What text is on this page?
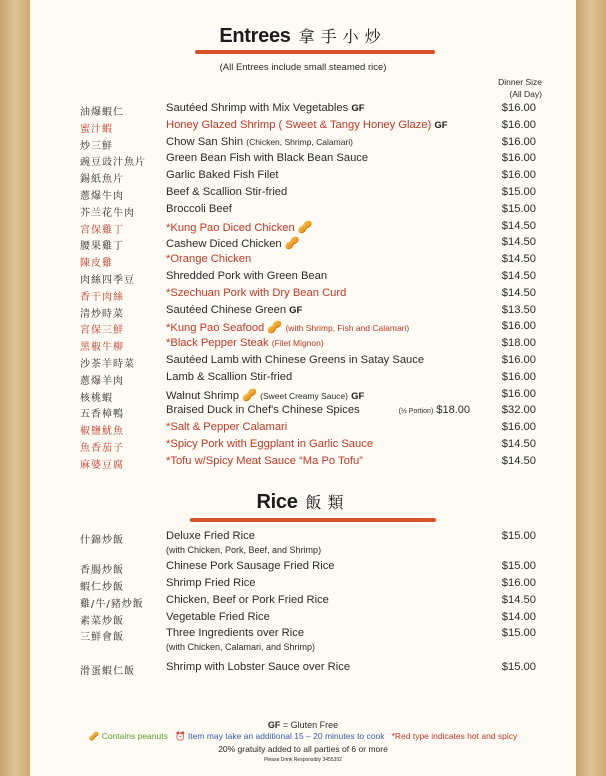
Entrees 拿手小炒
(All Entrees include small steamed rice)
Dinner Size
(All Day)
油爆蝦仁	Sautéed Shrimp with Mix Vegetables GF	$16.00
蜜汁蝦	Honey Glazed Shrimp ( Sweet & Tangy Honey Glaze) GF	$16.00
炒三鮮	Chow San Shin (Chicken, Shrimp, Calamari)	$16.00
豌豆豉汁魚片	Green Bean Fish with Black Bean Sauce	$16.00
錫紙魚片	Garlic Baked Fish Filet	$16.00
蔥爆牛肉	Beef & Scallion Stir-fried	$15.00
芥兰花牛肉	Broccoli Beef	$15.00
宮保雞丁	*Kung Pao Diced Chicken 🥜	$14.50
腰果雞丁	Cashew Diced Chicken 🥜	$14.50
陳皮雞	*Orange Chicken	$14.50
肉絲四季豆	Shredded Pork with Green Bean	$14.50
香干肉絲	*Szechuan Pork with Dry Bean Curd	$14.50
清炒時菜	Sautéed Chinese Green GF	$13.50
宮保三鮮	*Kung Pao Seafood 🥜 (with Shrimp, Fish and Calamari)	$16.00
黑椒牛柳	*Black Pepper Steak (Filet Mignon)	$18.00
沙茶羊時菜	Sautéed Lamb with Chinese Greens in Satay Sauce	$16.00
蔥爆羊肉	Lamb & Scallion Stir-fried	$16.00
核桃蝦	Walnut Shrimp 🥜 (Sweet Creamy Sauce) GF	$16.00
五香樟鴨	Braised Duck in Chef's Chinese Spices	(½ Portion) $18.00	$32.00
椒鹽魷魚	*Salt & Pepper Calamari	$16.00
魚香茄子	*Spicy Pork with Eggplant in Garlic Sauce	$14.50
麻婆豆腐	*Tofu w/Spicy Meat Sauce “Ma Po Tofu”	$14.50
Rice 飯類
什錦炒飯	Deluxe Fried Rice	$15.00
(with Chicken, Pork, Beef, and Shrimp)
香腸炒飯	Chinese Pork Sausage Fried Rice	$15.00
蝦仁炒飯	Shrimp Fried Rice	$16.00
雞/牛/豬炒飯	Chicken, Beef or Pork Fried Rice	$14.50
素菜炒飯	Vegetable Fried Rice	$14.00
三鮮會飯	Three Ingredients over Rice	$15.00
(with Chicken, Calamari, and Shrimp)
滑蛋蝦仁飯	Shrimp with Lobster Sauce over Rice	$15.00
GF = Gluten Free
🥜 Contains peanuts ⏰ Item may take an additional 15 – 20 minutes to cook *Red type indicates hot and spicy
20% gratuity added to all parties of 6 or more
Please Drink Responsibly 3455392
